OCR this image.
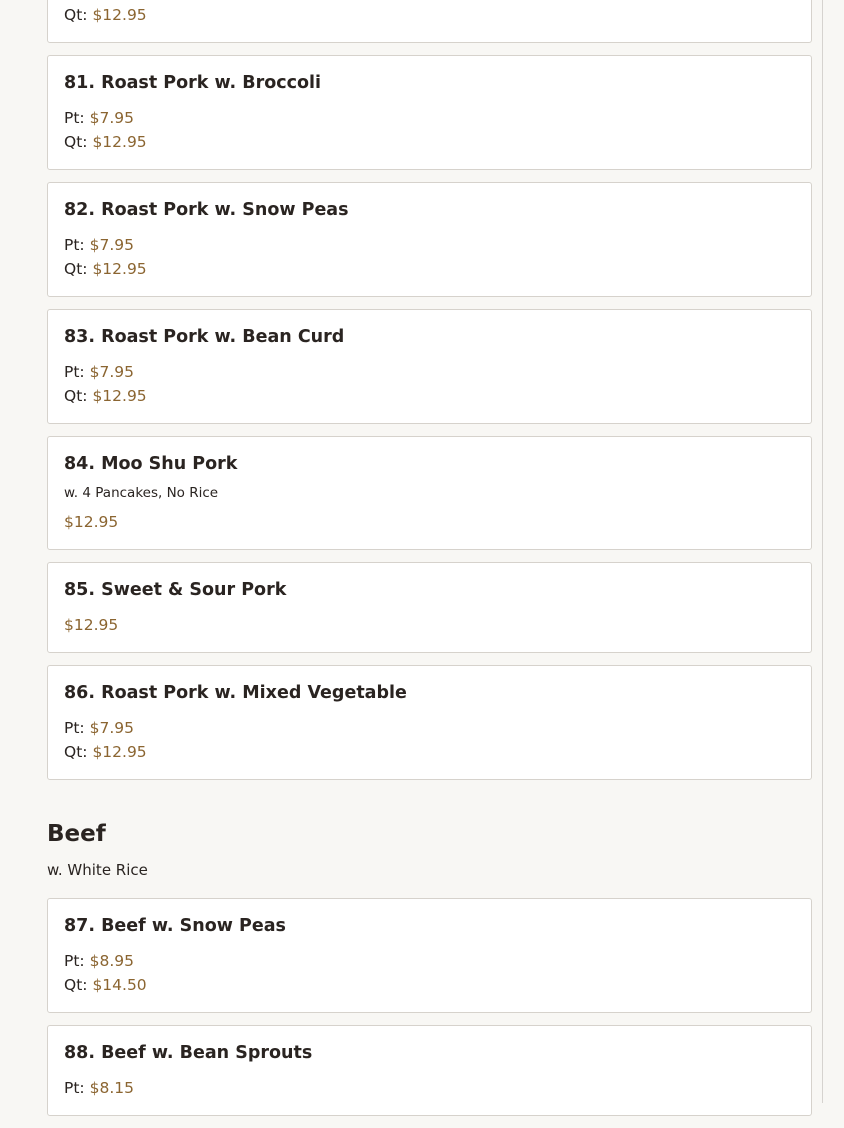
Qt: $12.95
81. Roast Pork w. Broccoli
Pt: $7.95
Qt: $12.95
82. Roast Pork w. Snow Peas
Pt: $7.95
Qt: $12.95
83. Roast Pork w. Bean Curd
Pt: $7.95
Qt: $12.95
84. Moo Shu Pork
w. 4 Pancakes, No Rice
$12.95
85. Sweet & Sour Pork
$12.95
86. Roast Pork w. Mixed Vegetable
Pt: $7.95
Qt: $12.95
Beef
w. White Rice
87. Beef w. Snow Peas
Pt: $8.95
Qt: $14.50
88. Beef w. Bean Sprouts
Pt: $8.15
